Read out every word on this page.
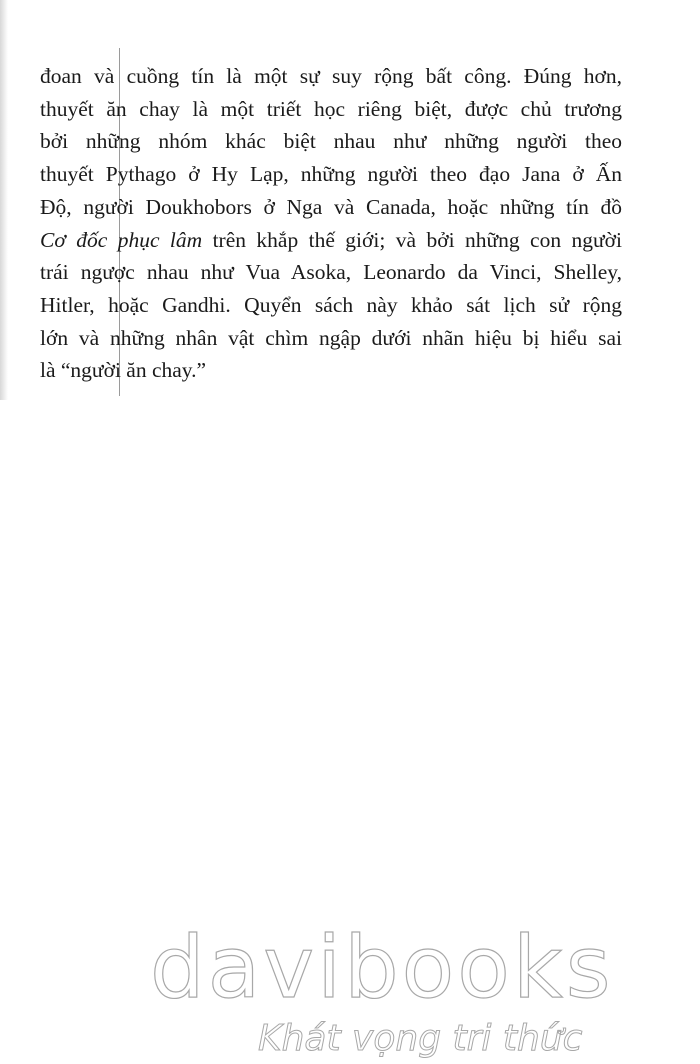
đoan và cuồng tín là một sự suy rộng bất công. Đúng hơn,
thuyết ăn chay là một triết học riêng biệt, được chủ trương
bởi những nhóm khác biệt nhau như những người theo
thuyết Pythago ở Hy Lạp, những người theo đạo Jana ở Ấn
Độ, người Doukhobors ở Nga và Canada, hoặc những tín đồ
Cơ đốc phục lâm trên khắp thế giới; và bởi những con người
trái ngược nhau như Vua Asoka, Leonardo da Vinci, Shelley,
Hitler, hoặc Gandhi. Quyển sách này khảo sát lịch sử rộng
lớn và những nhân vật chìm ngập dưới nhãn hiệu bị hiểu sai
là “người ăn chay.”

davibooks
Khát vọng tri thức
